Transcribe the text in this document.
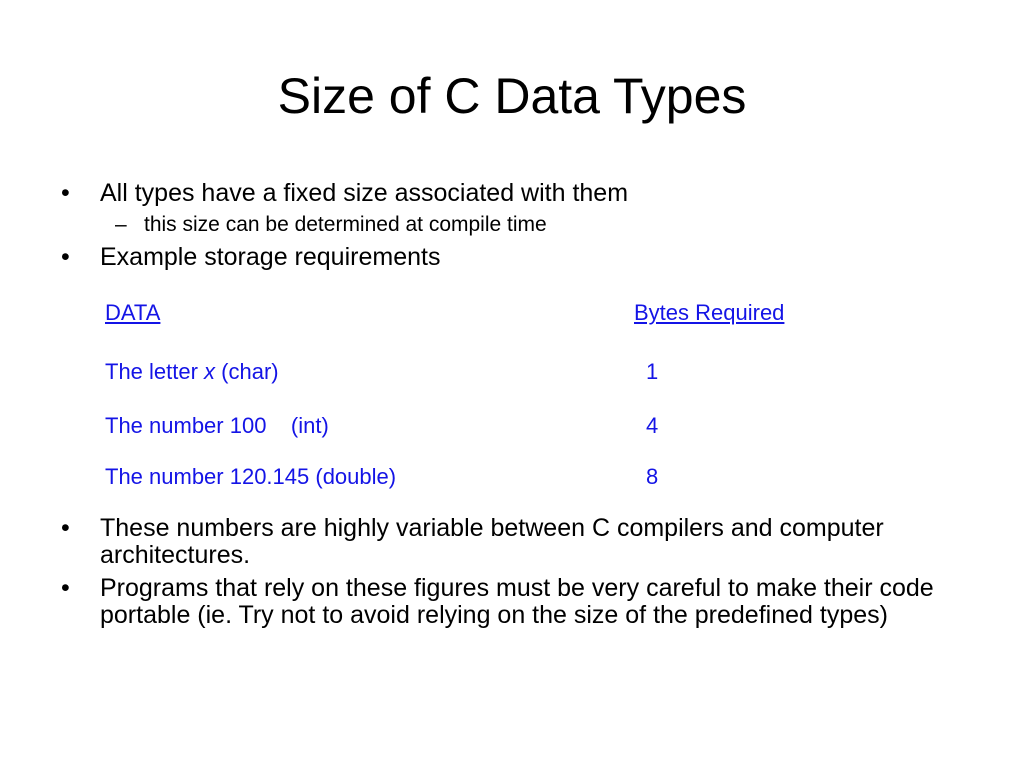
Size of C Data Types
•	All types have a fixed size associated with them
– this size can be determined at compile time
•	Example storage requirements
DATA	Bytes Required
The letter x (char)	1
The number 100    (int)	4
The number 120.145 (double)	8
•	These numbers are highly variable between C compilers and computer architectures.
•	Programs that rely on these figures must be very careful to make their code portable (ie. Try not to avoid relying on the size of the predefined types)
